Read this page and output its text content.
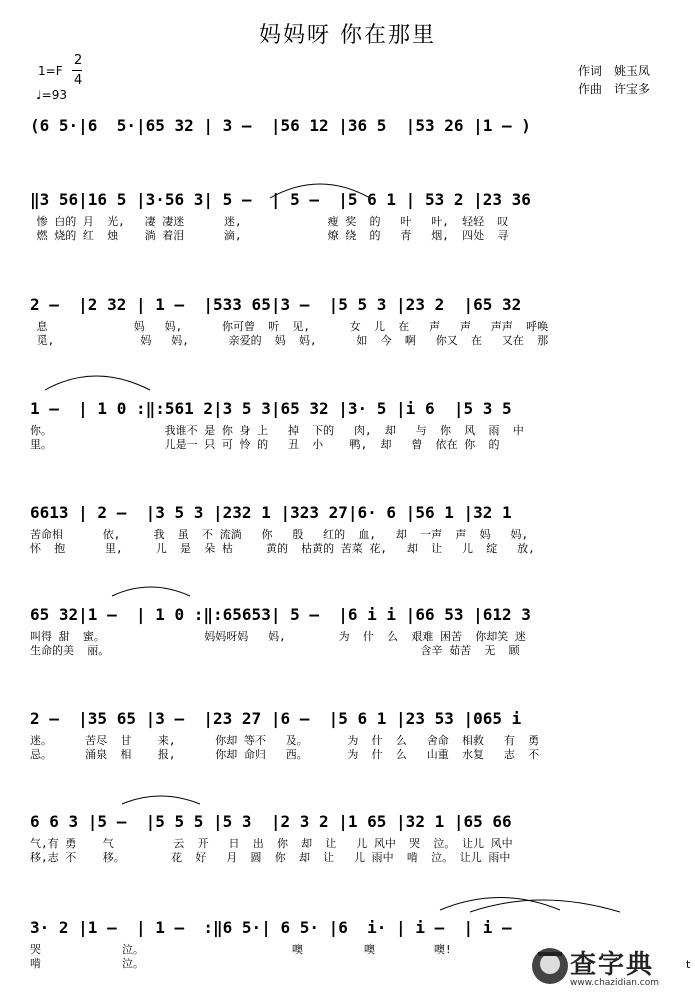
妈妈呀 你在那里
1=F
2
4
♩=93
作词 姚玉凤
作曲 许宝多
(6 5·|6  5·|65 32 | 3 –  |56 12 |36 5  |53 26 |1 – )
‖3 56|16 5 |3·56 3| 5 –  | 5 –  |5 6 1 | 53 2 |23 36
惨 白的 月  光,   凄 凄迷      迷,             瘦 奖  的   叶   叶,  轻轻  叹
燃 烧的 红  烛    淌 着泪      滴,             燎 绕  的   青   烟,  四处  寻
2 –  |2 32 | 1 –  |533 65|3 –  |5 5 3 |23 2  |65 32
息             妈   妈,      你可曾  听  见,      女  儿  在   声   声   声声  呼唤
觅,             妈   妈,      亲爱的  妈  妈,      如  今  啊   你又  在   又在  那
1 –  | 1 0 :‖:561 2|3 5 3|65 32 |3· 5 |i 6  |5 3 5
你。                 我谁不 是 你 身 上   掉  下的   肉,  却   与  你  风  雨  中
里。                 儿是一 只 可 怜 的   丑  小    鸭,  却   曾  依在 你  的
6613 | 2 –  |3 5 3 |232 1 |323 27|6· 6 |56 1 |32 1
苦命相      依,     我  虽  不 流淌   你   殷   红的  血,   却  一声  声  妈   妈,
怀  抱      里,     儿  是  朵 枯     黄的  枯黄的 苦菜 花,   却  让   儿  绽   放,
65 32|1 –  | 1 0 :‖:65653| 5 –  |6 i i |66 53 |612 3
叫得 甜  蜜。               妈妈呀妈   妈,        为  什  么  艰难 困苦  你却笑 迷
生命的美  丽。                                               含辛 茹苦  无  顾
2 –  |35 65 |3 –  |23 27 |6 –  |5 6 1 |23 53 |065 i
迷。     苦尽  甘    来,      你却 等不   及。      为  什  么   舍命  相救   有  勇
忌。     涌泉  相    报,      你却 命归   西。      为  什  么   山重  水复   志  不
6 6 3 |5 –  |5 5 5 |5 3  |2 3 2 |1 65 |32 1 |65 66
气,有 勇    气         云  开   日  出  你  却  让   儿 风中  哭  泣。 让儿 风中
移,志 不    移。       花  好   月  圆  你  却  让   儿 雨中  啃  泣。 让儿 雨中
3· 2 |1 –  | 1 –  :‖6 5·| 6 5· |6  i· | i –  | i –
哭
啃
泣。
泣。
噢	噢	噢!
查字典
www.chazidian.com
t
